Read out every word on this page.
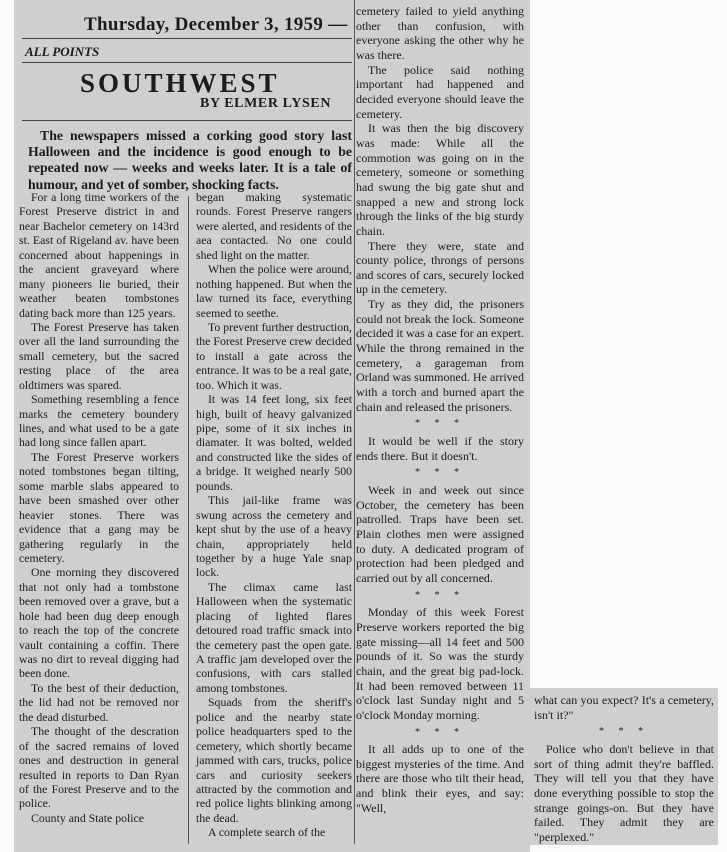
Thursday, December 3, 1959 —
ALL POINTS
SOUTHWEST
BY ELMER LYSEN

The newspapers missed a corking good story last Halloween and the incidence is good enough to be repeated now — weeks and weeks later. It is a tale of humour, and yet of somber, shocking facts.

For a long time workers of the Forest Preserve district in and near Bachelor cemetery on 143rd st. East of Rigeland av. have been concerned about happenings in the ancient graveyard where many pioneers lie buried, their weather beaten tombstones dating back more than 125 years.

The Forest Preserve has taken over all the land surrounding the small cemetery, but the sacred resting place of the area oldtimers was spared.

Something resembling a fence marks the cemetery boundery lines, and what used to be a gate had long since fallen apart.

The Forest Preserve workers noted tombstones began tilting, some marble slabs appeared to have been smashed over other heavier stones. There was evidence that a gang may be gathering regularly in the cemetery.

One morning they discovered that not only had a tombstone been removed over a grave, but a hole had been dug deep enough to reach the top of the concrete vault containing a coffin. There was no dirt to reveal digging had been done.

To the best of their deduction, the lid had not be removed nor the dead disturbed.

The thought of the descration of the sacred remains of loved ones and destruction in general resulted in reports to Dan Ryan of the Forest Preserve and to the police.

County and State police

began making systematic rounds. Forest Preserve rangers were alerted, and residents of the aea contacted. No one could shed light on the matter.

When the police were around, nothing happened. But when the law turned its face, everything seemed to seethe.

To prevent further destruction, the Forest Preserve crew decided to install a gate across the entrance. It was to be a real gate, too. Which it was.

It was 14 feet long, six feet high, built of heavy galvanized pipe, some of it six inches in diamater. It was bolted, welded and constructed like the sides of a bridge. It weighed nearly 500 pounds.

This jail-like frame was swung across the cemetery and kept shut by the use of a heavy chain, appropriately held together by a huge Yale snap lock.

The climax came last Halloween when the systematic placing of lighted flares detoured road traffic smack into the cemetery past the open gate. A traffic jam developed over the confusions, with cars stalled among tombstones.

Squads from the sheriff's police and the nearby state police headquarters sped to the cemetery, which shortly became jammed with cars, trucks, police cars and curiosity seekers attracted by the commotion and red police lights blinking among the dead.

A complete search of the

cemetery failed to yield anything other than confusion, with everyone asking the other why he was there.

The police said nothing important had happened and decided everyone should leave the cemetery.

It was then the big discovery was made: While all the commotion was going on in the cemetery, someone or something had swung the big gate shut and snapped a new and strong lock through the links of the big sturdy chain.

There they were, state and county police, throngs of persons and scores of cars, securely locked up in the cemetery.

Try as they did, the prisoners could not break the lock. Someone decided it was a case for an expert. While the throng remained in the cemetery, a garageman from Orland was summoned. He arrived with a torch and burned apart the chain and released the prisoners.

* * *

It would be well if the story ends there. But it doesn't.

* * *

Week in and week out since October, the cemetery has been patrolled. Traps have been set. Plain clothes men were assigned to duty. A dedicated program of protection had been pledged and carried out by all concerned.

* * *

Monday of this week Forest Preserve workers reported the big gate missing—all 14 feet and 500 pounds of it. So was the sturdy chain, and the great big pad-lock. It had been removed between 11 o'clock last Sunday night and 5 o'clock Monday morning.

* * *

It all adds up to one of the biggest mysteries of the time. And there are those who tilt their head, and blink their eyes, and say: "Well,

what can you expect? It's a cemetery, isn't it?"

* * *

Police who don't believe in that sort of thing admit they're baffled. They will tell you that they have done everything possible to stop the strange goings-on. But they have failed. They admit they are "perplexed."
